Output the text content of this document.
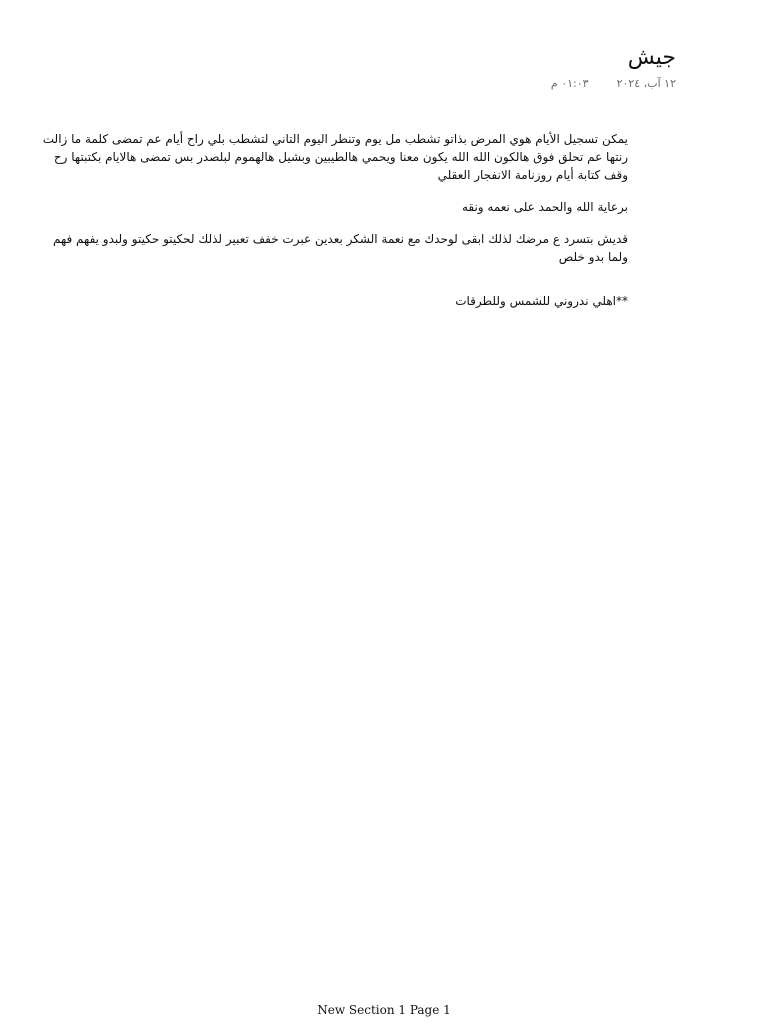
جيش
١٢ آب، ٢٠٢٤
٠١:٠٣ م

يمكن تسجيل الأيام هوي المرض بذاتو تشطب مل يوم وتنطر اليوم التاني لتشطب بلي راح أيام عم تمضى كلمة ما زالت رنتها عم تحلق فوق هالكون الله الله يكون معنا ويحمي هالطيبين وبشيل هالهموم لبلصدر بس تمضى هالايام بكتبتها رح وقف كتابة أيام روزنامة الانفجار العقلي

برعاية الله والحمد على نعمه ونقه

قديش بتسرد ع مرضك لذلك ابقى لوحدك مع نعمة الشكر بعدين عبرت خفف تعبير لذلك لحكيتو حكيتو ولبدو يفهم فهم ولما بدو خلص

**اهلي ندروني للشمس وللطرقات

New Section 1 Page 1
